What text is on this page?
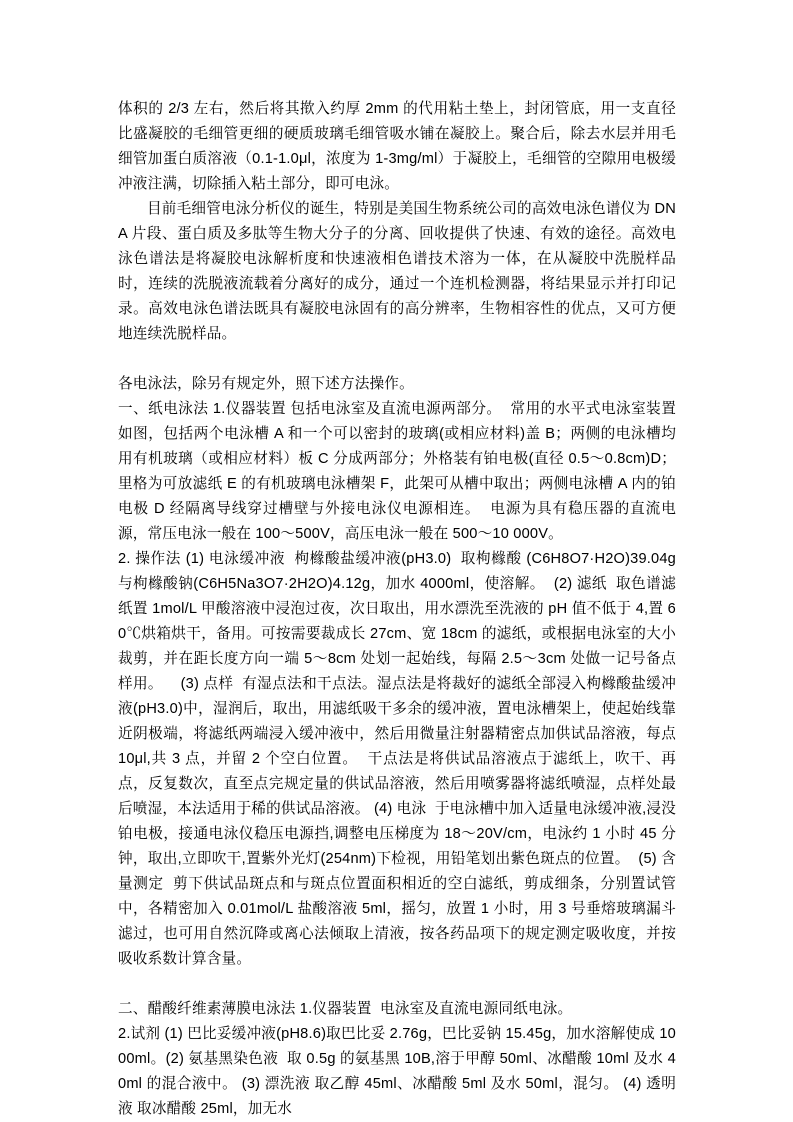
体积的 2/3 左右，然后将其揿入约厚 2mm 的代用粘土垫上，封闭管底，用一支直径比盛凝胶的毛细管更细的硬质玻璃毛细管吸水铺在凝胶上。聚合后，除去水层并用毛细管加蛋白质溶液（0.1-1.0μl，浓度为 1-3mg/ml）于凝胶上，毛细管的空隙用电极缓冲液注满，切除插入粘土部分，即可电泳。

目前毛细管电泳分析仪的诞生，特别是美国生物系统公司的高效电泳色谱仪为 DNA 片段、蛋白质及多肽等生物大分子的分离、回收提供了快速、有效的途径。高效电泳色谱法是将凝胶电泳解析度和快速液相色谱技术溶为一体，在从凝胶中洗脱样品时，连续的洗脱液流载着分离好的成分，通过一个连机检测器，将结果显示并打印记录。高效电泳色谱法既具有凝胶电泳固有的高分辨率，生物相容性的优点，又可方便地连续洗脱样品。

各电泳法，除另有规定外，照下述方法操作。

一、纸电泳法 1.仪器装置 包括电泳室及直流电源两部分。  常用的水平式电泳室装置如图，包括两个电泳槽 A 和一个可以密封的玻璃(或相应材料)盖 B；两侧的电泳槽均用有机玻璃（或相应材料）板 C 分成两部分；外格装有铂电极(直径 0.5～0.8cm)D；里格为可放滤纸 E 的有机玻璃电泳槽架 F，此架可从槽中取出；两侧电泳槽 A 内的铂电极 D 经隔离导线穿过槽壁与外接电泳仪电源相连。  电源为具有稳压器的直流电源，常压电泳一般在 100～500V，高压电泳一般在 500～10 000V。

2. 操作法 (1) 电泳缓冲液  枸橼酸盐缓冲液(pH3.0)  取枸橼酸 (C6H8O7·H2O)39.04g 与枸橼酸钠(C6H5Na3O7·2H2O)4.12g，加水 4000ml，使溶解。  (2) 滤纸  取色谱滤纸置 1mol/L 甲酸溶液中浸泡过夜，次日取出，用水漂洗至洗液的 pH 值不低于 4,置 60℃烘箱烘干，备用。可按需要裁成长 27cm、宽 18cm 的滤纸，或根据电泳室的大小裁剪，并在距长度方向一端 5～8cm 处划一起始线，每隔 2.5～3cm 处做一记号备点样用。    (3) 点样  有湿点法和干点法。湿点法是将裁好的滤纸全部浸入枸橼酸盐缓冲液(pH3.0)中，湿润后，取出，用滤纸吸干多余的缓冲液，置电泳槽架上，使起始线靠近阴极端，将滤纸两端浸入缓冲液中，然后用微量注射器精密点加供试品溶液，每点 10μl,共 3 点，并留 2 个空白位置。  干点法是将供试品溶液点于滤纸上，吹干、再点，反复数次，直至点完规定量的供试品溶液，然后用喷雾器将滤纸喷湿，点样处最后喷湿，本法适用于稀的供试品溶液。 (4) 电泳  于电泳槽中加入适量电泳缓冲液,浸没铂电极，接通电泳仪稳压电源挡,调整电压梯度为 18～20V/cm，电泳约 1 小时 45 分钟，取出,立即吹干,置紫外光灯(254nm)下检视，用铅笔划出紫色斑点的位置。  (5) 含量测定  剪下供试品斑点和与斑点位置面积相近的空白滤纸，剪成细条，分别置试管中，各精密加入 0.01mol/L 盐酸溶液 5ml，摇匀，放置 1 小时，用 3 号垂熔玻璃漏斗滤过，也可用自然沉降或离心法倾取上清液，按各药品项下的规定测定吸收度，并按吸收系数计算含量。

二、醋酸纤维素薄膜电泳法 1.仪器装置  电泳室及直流电源同纸电泳。

2.试剂 (1) 巴比妥缓冲液(pH8.6)取巴比妥 2.76g，巴比妥钠 15.45g，加水溶解使成 1000ml。(2) 氨基黑染色液  取 0.5g 的氨基黑 10B,溶于甲醇 50ml、冰醋酸 10ml 及水 40ml 的混合液中。 (3) 漂洗液 取乙醇 45ml、冰醋酸 5ml 及水 50ml，混匀。 (4) 透明液 取冰醋酸 25ml，加无水
